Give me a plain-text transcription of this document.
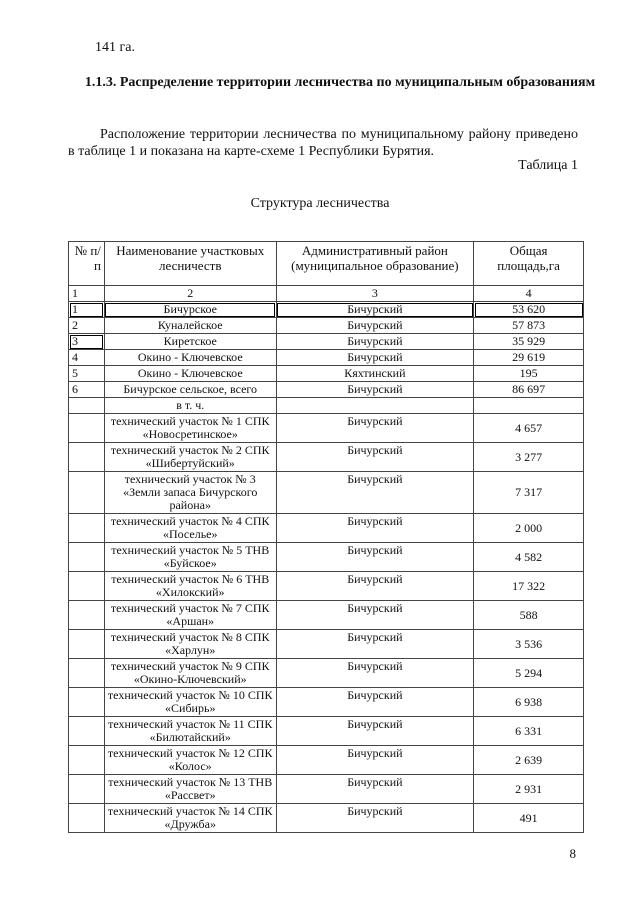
141 га.
1.1.3. Распределение территории лесничества по муниципальным образованиям
Расположение территории лесничества по муниципальному району приведено в таблице 1 и показана на карте-схеме 1 Республики Бурятия.
Таблица 1
Структура лесничества
№ п/п	Наименование участковых лесничеств	Административный район (муниципальное образование)	Общая площадь,га
1	2	3	4
1	Бичурское	Бичурский	53 620
2	Куналейское	Бичурский	57 873
3	Киретское	Бичурский	35 929
4	Окино - Ключевское	Бичурский	29 619
5	Окино - Ключевское	Кяхтинский	195
6	Бичурское сельское, всего	Бичурский	86 697
	в т. ч.		
	технический участок № 1 СПК «Новосретинское»	Бичурский	4 657
	технический участок № 2 СПК «Шибертуйский»	Бичурский	3 277
	технический участок № 3 «Земли запаса Бичурского района»	Бичурский	7 317
	технический участок № 4 СПК «Поселье»	Бичурский	2 000
	технический участок № 5 ТНВ «Буйское»	Бичурский	4 582
	технический участок № 6 ТНВ «Хилокский»	Бичурский	17 322
	технический участок № 7 СПК «Аршан»	Бичурский	588
	технический участок № 8 СПК «Харлун»	Бичурский	3 536
	технический участок № 9 СПК «Окино-Ключевский»	Бичурский	5 294
	технический участок № 10 СПК «Сибирь»	Бичурский	6 938
	технический участок № 11 СПК «Билютайский»	Бичурский	6 331
	технический участок № 12 СПК «Колос»	Бичурский	2 639
	технический участок № 13 ТНВ «Рассвет»	Бичурский	2 931
	технический участок № 14 СПК «Дружба»	Бичурский	491
8
